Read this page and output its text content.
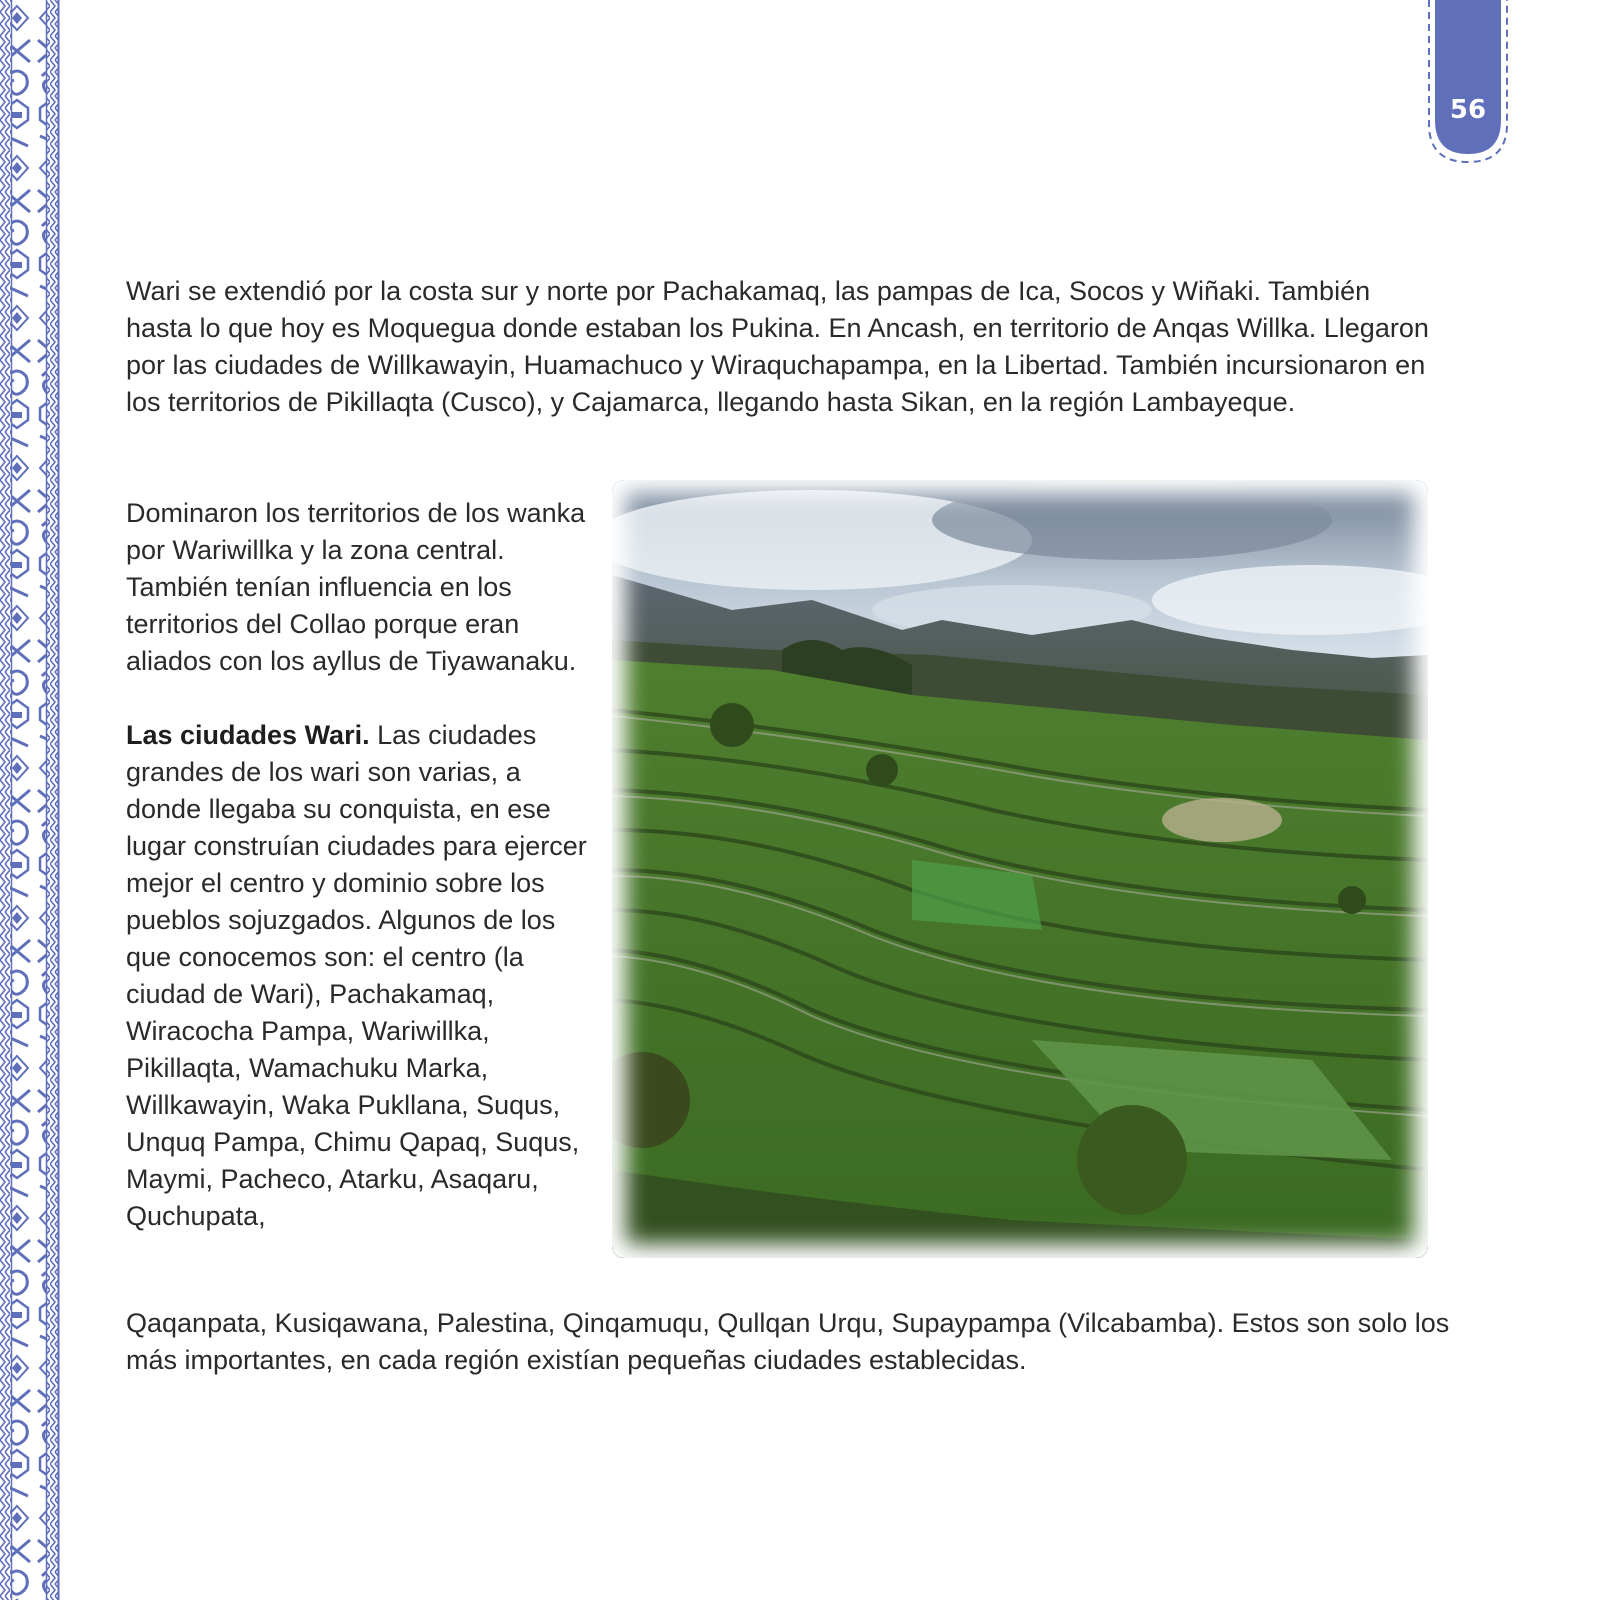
56

Wari se extendió por la costa sur y norte por Pachakamaq, las pampas de Ica, Socos y Wiñaki. También hasta lo que hoy es Moquegua donde estaban los Pukina. En Ancash, en territorio de Anqas Willka. Llegaron por las ciudades de Willkawayin, Huamachuco y Wiraquchapampa, en la Libertad. También incursionaron en los territorios de Pikillaqta (Cusco), y Cajamarca, llegando hasta Sikan, en la región Lambayeque.

Dominaron los territorios de los wanka por Wariwillka y la zona central. También tenían influencia en los territorios del Collao porque eran aliados con los ayllus de Tiyawanaku.

Las ciudades Wari. Las ciudades grandes de los wari son varias, a donde llegaba su conquista, en ese lugar construían ciudades para ejercer mejor el centro y dominio sobre los pueblos sojuzgados. Algunos de los que conocemos son: el centro (la ciudad de Wari), Pachakamaq, Wiracocha Pampa, Wariwillka, Pikillaqta, Wamachuku Marka, Willkawayin, Waka Pukllana, Suqus, Unquq Pampa, Chimu Qapaq, Suqus, Maymi, Pacheco, Atarku, Asaqaru, Quchupata,

Qaqanpata, Kusiqawana, Palestina, Qinqamuqu, Qullqan Urqu, Supaypampa (Vilcabamba). Estos son solo los más importantes, en cada región existían pequeñas ciudades establecidas.
